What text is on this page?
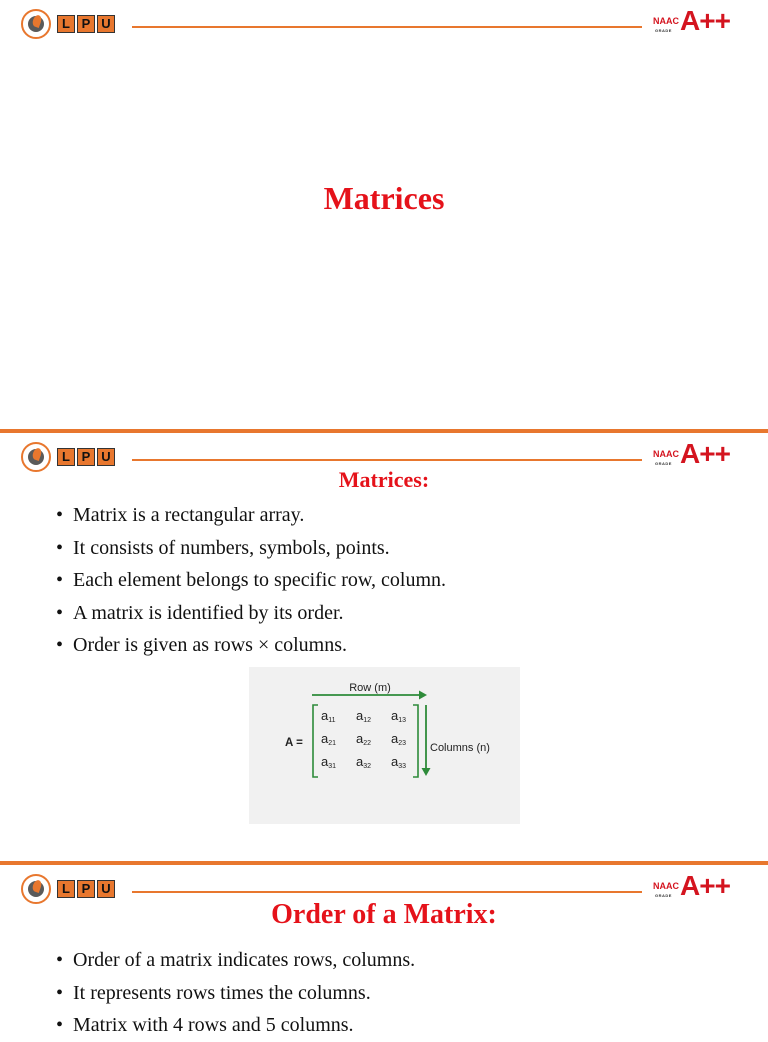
L P U	NAAC
GRADE A++
Matrices
L P U	NAAC
GRADE A++
Matrices:
• Matrix is a rectangular array.
• It consists of numbers, symbols, points.
• Each element belongs to specific row, column.
• A matrix is identified by its order.
• Order is given as rows × columns.
Row (m)
A =	Columns (n)
a11 a12 a13
a21 a22 a23
a31 a32 a33
L P U	NAAC
GRADE A++
Order of a Matrix:
• Order of a matrix indicates rows, columns.
• It represents rows times the columns.
• Matrix with 4 rows and 5 columns.
